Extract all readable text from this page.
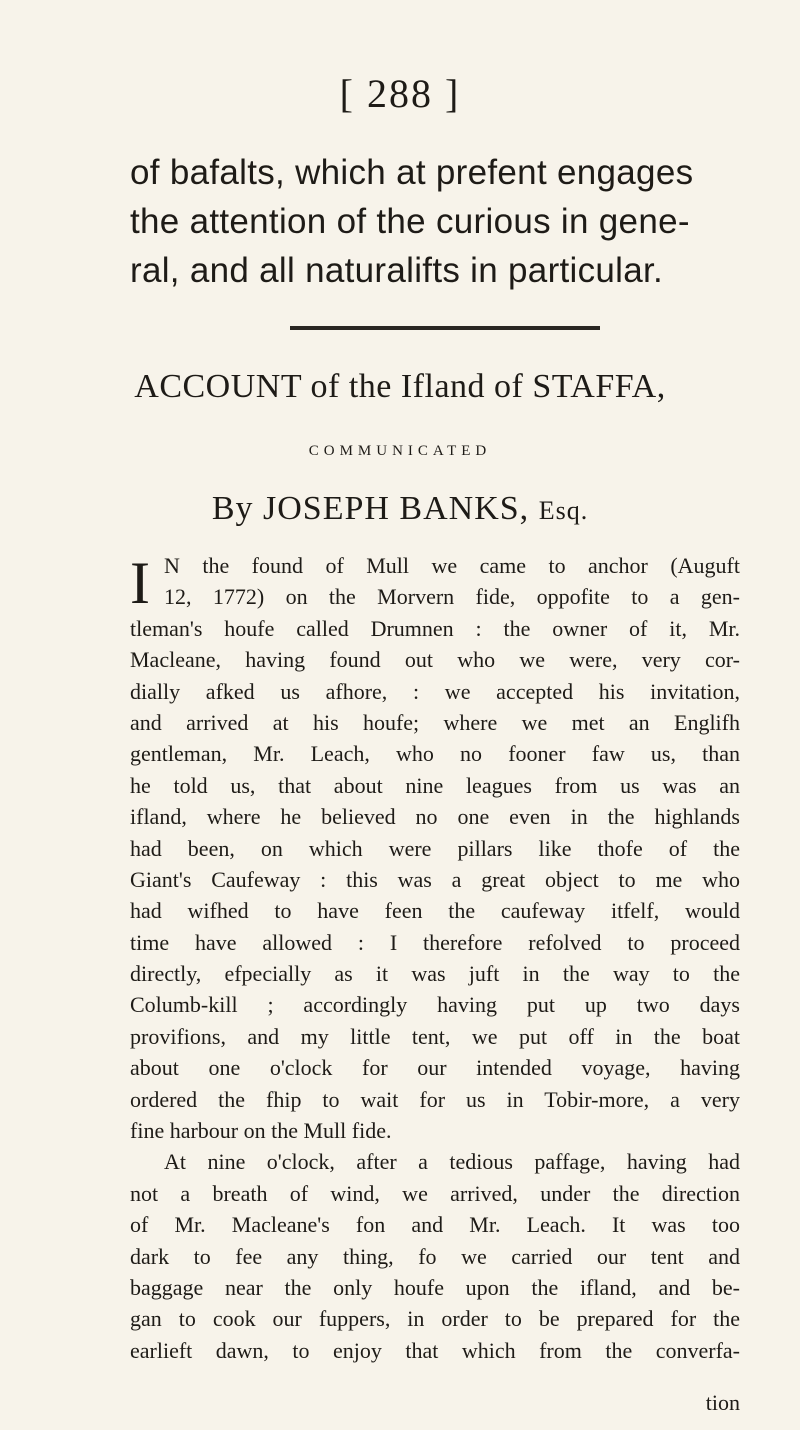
[ 288 ]
of bafalts, which at prefent engages
the attention of the curious in gene-
ral, and all naturalifts in particular.
ACCOUNT of the Ifland of STAFFA,
COMMUNICATED
By JOSEPH BANKS, Esq.
I N the found of Mull we came to anchor (Auguft
12, 1772) on the Morvern fide, oppofite to a gen-
tleman's houfe called Drumnen : the owner of it, Mr.
Macleane, having found out who we were, very cor-
dially afked us afhore, : we accepted his invitation,
and arrived at his houfe; where we met an Englifh
gentleman, Mr. Leach, who no fooner faw us, than
he told us, that about nine leagues from us was an
ifland, where he believed no one even in the highlands
had been, on which were pillars like thofe of the
Giant's Caufeway : this was a great object to me who
had wifhed to have feen the caufeway itfelf, would
time have allowed : I therefore refolved to proceed
directly, efpecially as it was juft in the way to the
Columb-kill ; accordingly having put up two days
provifions, and my little tent, we put off in the boat
about one o'clock for our intended voyage, having
ordered the fhip to wait for us in Tobir-more, a very
fine harbour on the Mull fide.
At nine o'clock, after a tedious paffage, having had
not a breath of wind, we arrived, under the direction
of Mr. Macleane's fon and Mr. Leach. It was too
dark to fee any thing, fo we carried our tent and
baggage near the only houfe upon the ifland, and be-
gan to cook our fuppers, in order to be prepared for the
earlieft dawn, to enjoy that which from the converfa-
tion
